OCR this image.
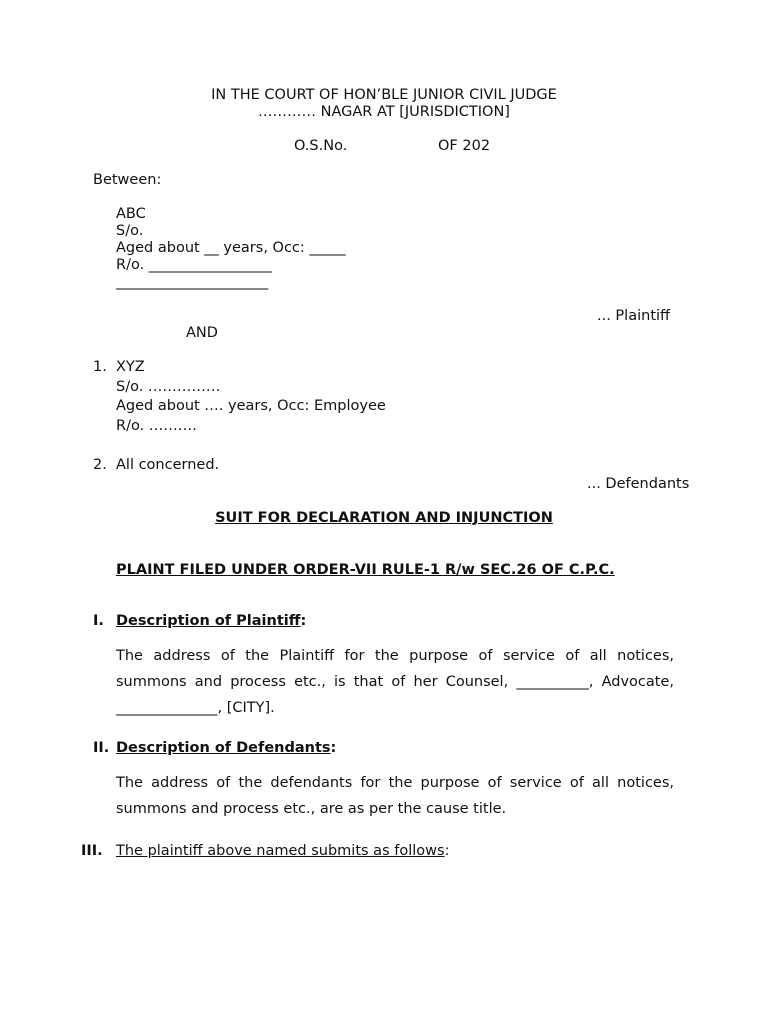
IN THE COURT OF HON’BLE JUNIOR CIVIL JUDGE
………… NAGAR AT [JURISDICTION]
O.S.No.	OF 202
Between:
ABC
S/o.
Aged about __ years, Occ: _____
R/o. _________________
_____________________
... Plaintiff
AND
1. XYZ
S/o. ……………
Aged about …. years, Occ: Employee
R/o. ……….
2. All concerned.
... Defendants
SUIT FOR DECLARATION AND INJUNCTION
PLAINT FILED UNDER ORDER-VII RULE-1 R/w SEC.26 OF C.P.C.
I. Description of Plaintiff:
The address of the Plaintiff for the purpose of service of all notices, summons and process etc., is that of her Counsel, __________, Advocate, ______________, [CITY].
II. Description of Defendants:
The address of the defendants for the purpose of service of all notices, summons and process etc., are as per the cause title.
III. The plaintiff above named submits as follows:
